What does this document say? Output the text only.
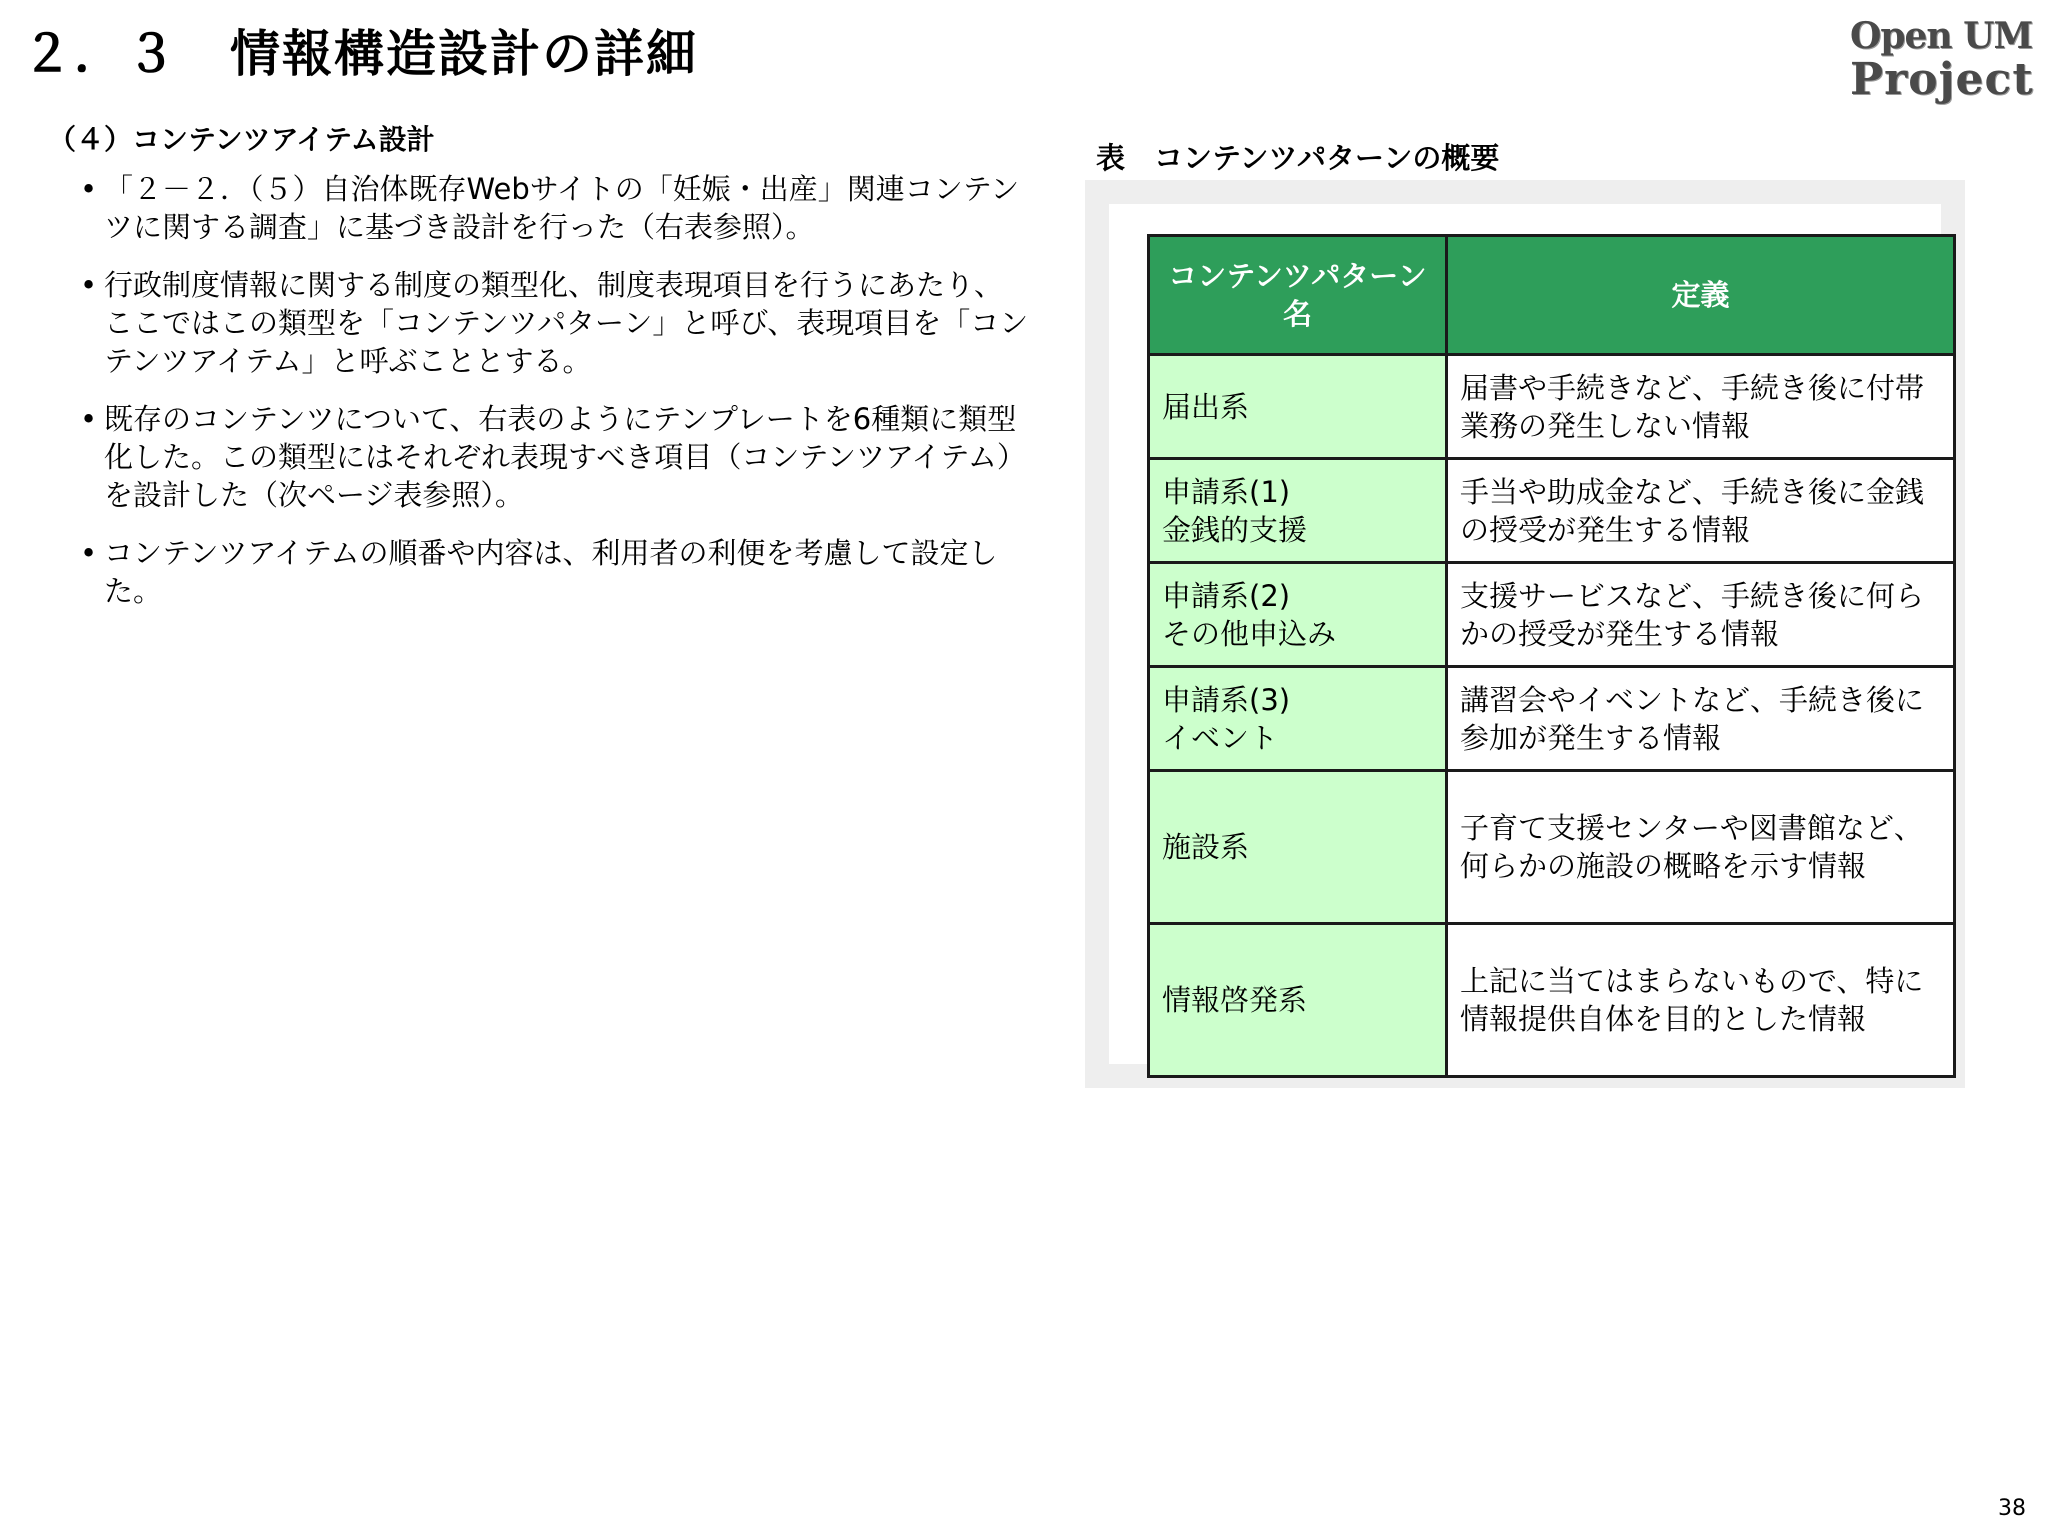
２．３　情報構造設計の詳細	Open UM
Project
（４）コンテンツアイテム設計
• 「２－２．（５）自治体既存Webサイトの「妊娠・出産」関連コンテンツに関する調査」に基づき設計を行った（右表参照）。
• 行政制度情報に関する制度の類型化、制度表現項目を行うにあたり、ここではこの類型を「コンテンツパターン」と呼び、表現項目を「コンテンツアイテム」と呼ぶこととする。
• 既存のコンテンツについて、右表のようにテンプレートを6種類に類型化した。この類型にはそれぞれ表現すべき項目（コンテンツアイテム）を設計した（次ページ表参照）。
• コンテンツアイテムの順番や内容は、利用者の利便を考慮して設定した。
表　コンテンツパターンの概要
コンテンツパターン名	定義

届出系	届書や手続きなど、手続き後に付帯業務の発生しない情報

申請系(1)
金銭的支援	手当や助成金など、手続き後に金銭の授受が発生する情報

申請系(2)
その他申込み	支援サービスなど、手続き後に何らかの授受が発生する情報

申請系(3)
イベント	講習会やイベントなど、手続き後に参加が発生する情報

施設系	子育て支援センターや図書館など、何らかの施設の概略を示す情報

情報啓発系	上記に当てはまらないもので、特に情報提供自体を目的とした情報
38
